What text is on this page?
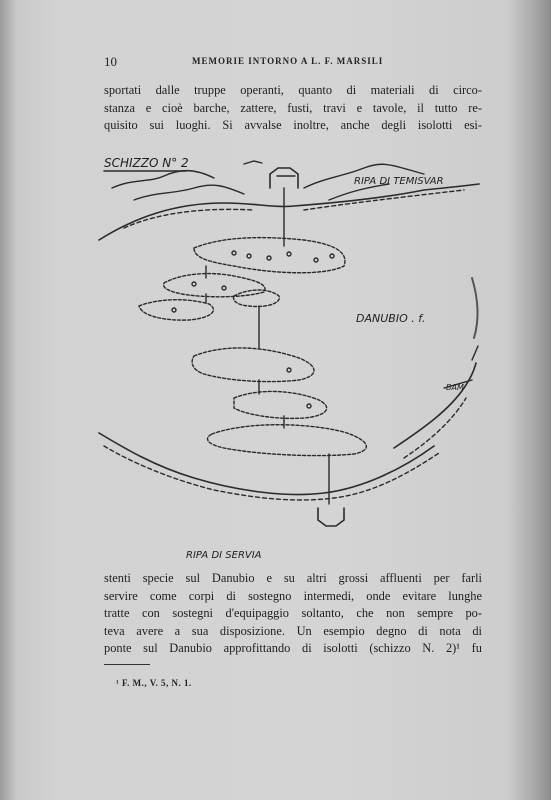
10	MEMORIE INTORNO A L. F. MARSILI
sportati dalle truppe operanti, quanto di materiali di circo-
stanza e cioè barche, zattere, fusti, travi e tavole, il tutto re-
quisito sui luoghi. Si avvalse inoltre, anche degli isolotti esi-
SCHIZZO N° 2
RIPA DI TEMISVAR
DANUBIO . f.
BAM
RIPA DI SERVIA
stenti specie sul Danubio e su altri grossi affluenti per farli
servire come corpi di sostegno intermedi, onde evitare lunghe
tratte con sostegni d'equipaggio soltanto, che non sempre po-
teva avere a sua disposizione. Un esempio degno di nota di
ponte sul Danubio approfittando di isolotti (schizzo N. 2)¹ fu
¹ F. M., V. 5, N. 1.
